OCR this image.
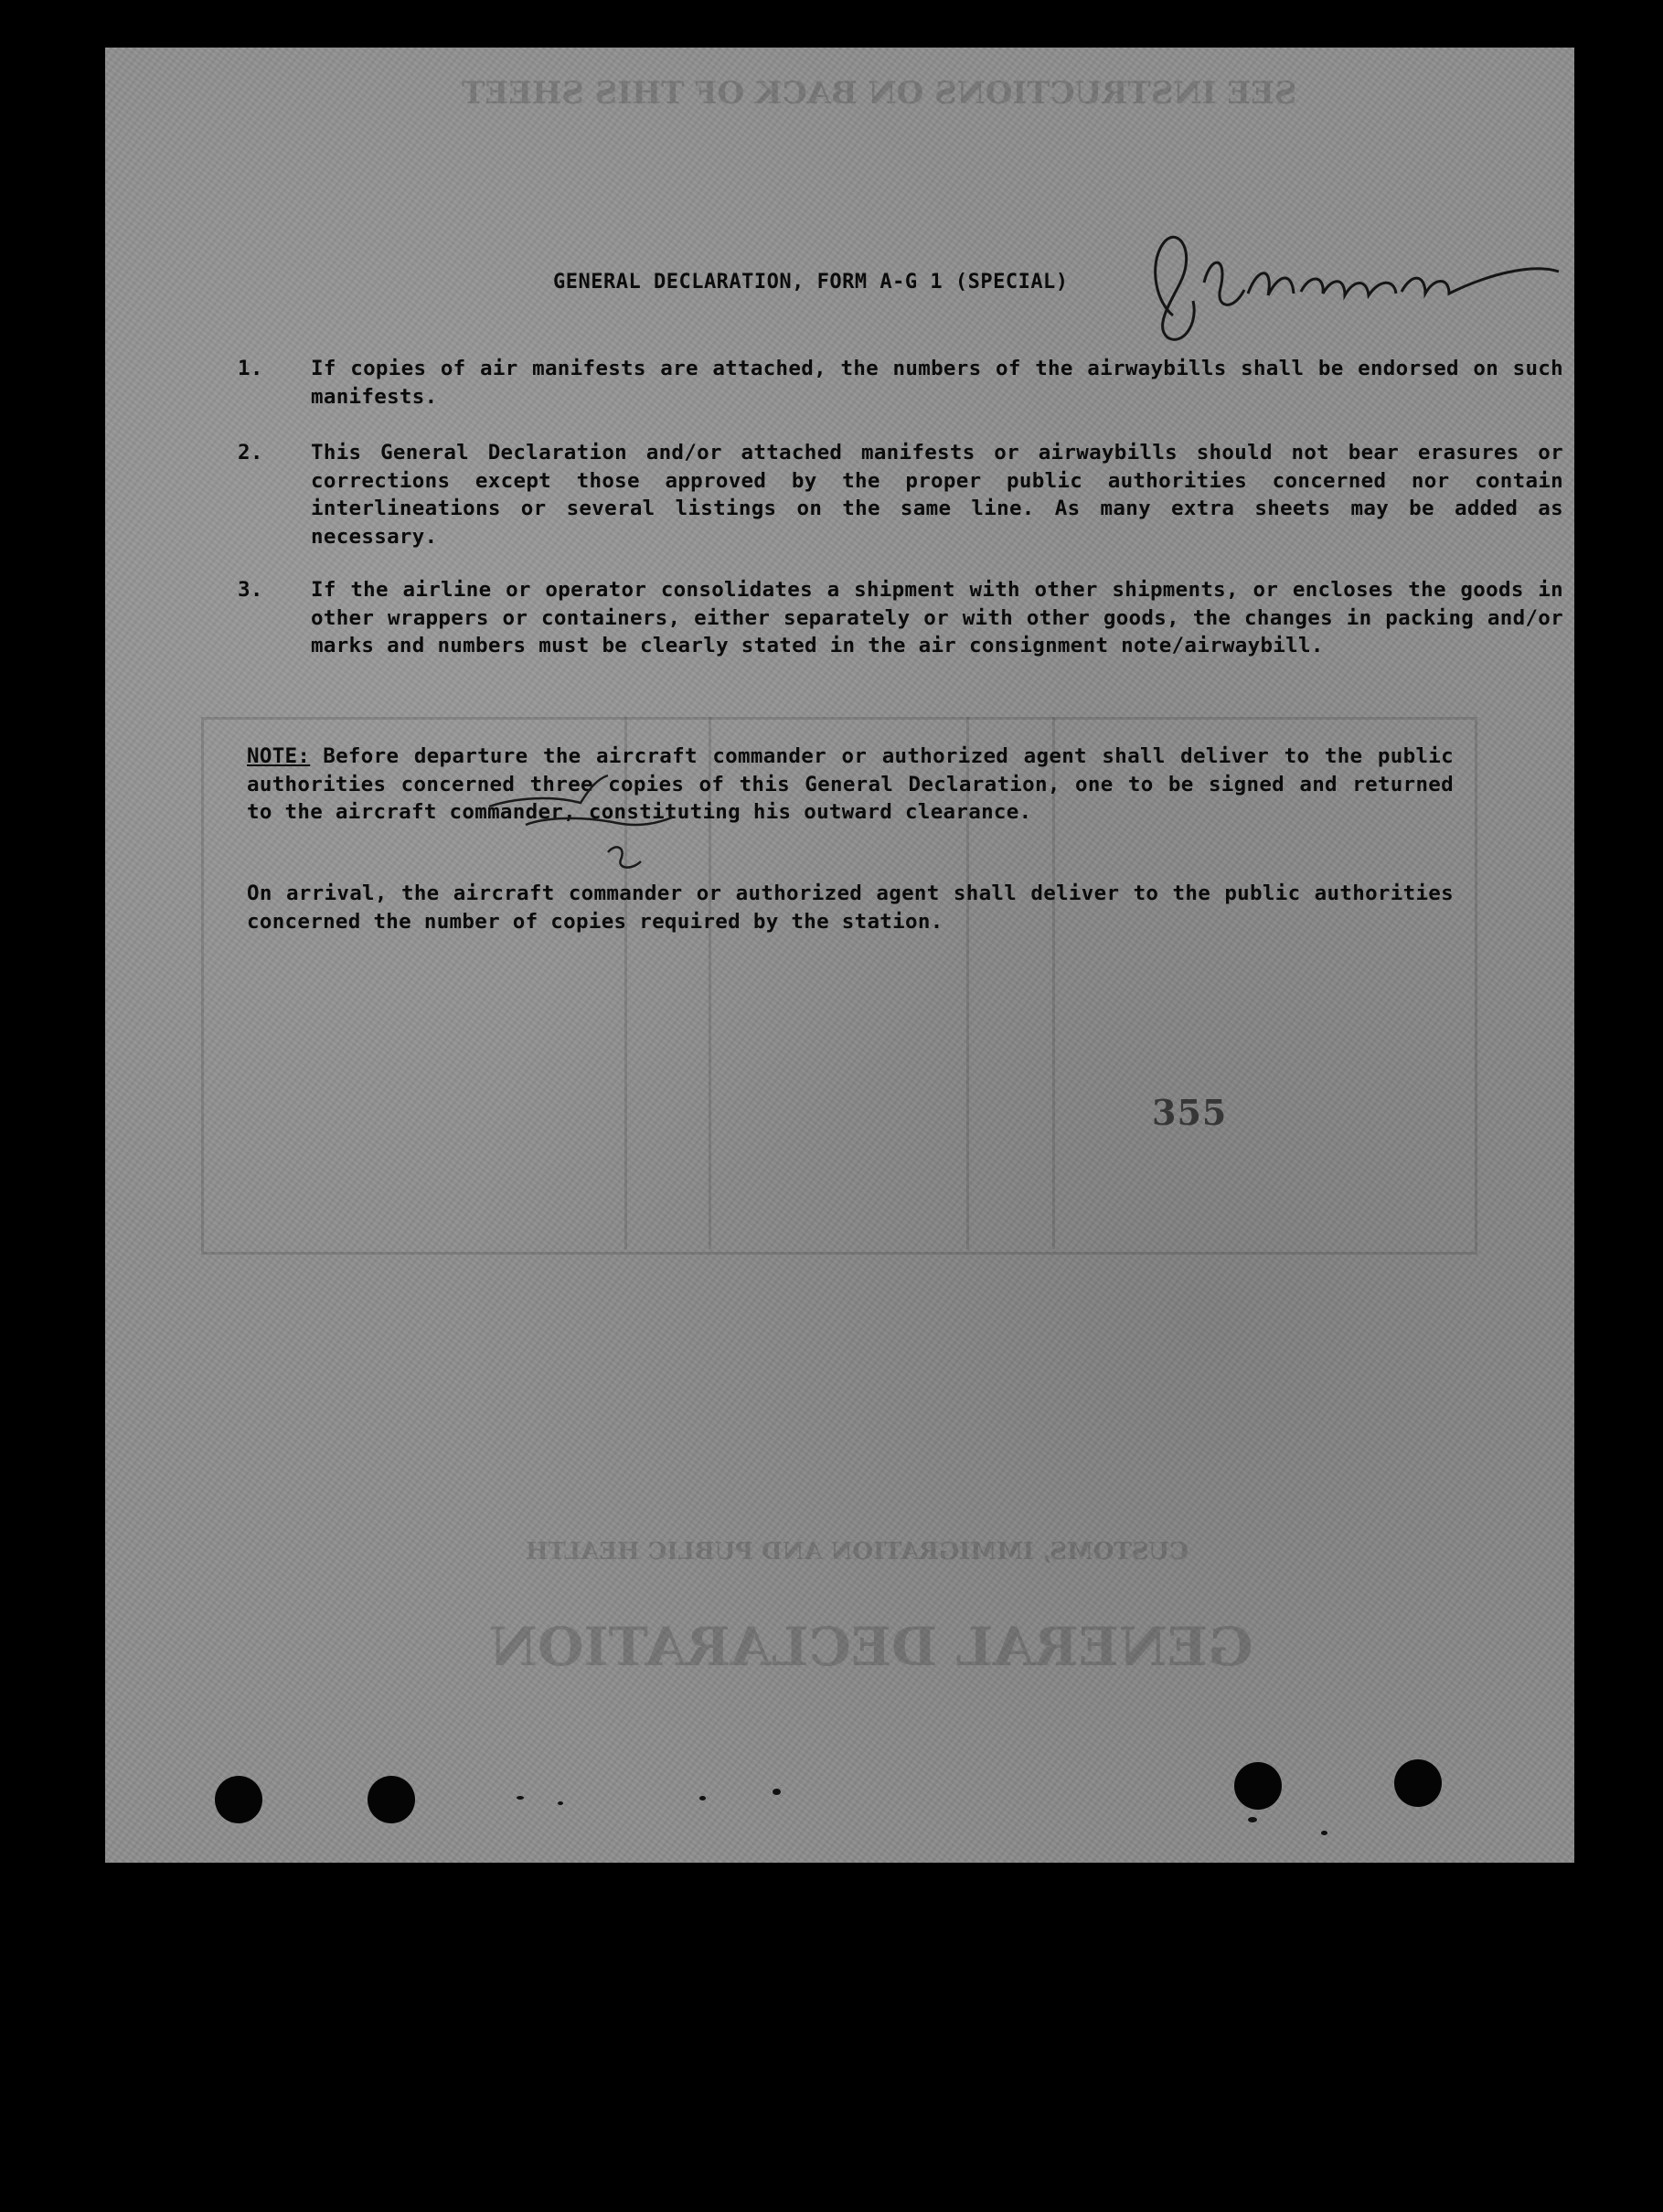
SEE INSTRUCTIONS ON BACK OF THIS SHEET
GENERAL DECLARATION
CUSTOMS, IMMIGRATION AND PUBLIC HEALTH
GENERAL DECLARATION, FORM A-G 1 (SPECIAL)
1. If copies of air manifests are attached, the numbers of the airwaybills shall be endorsed on such manifests.
2. This General Declaration and/or attached manifests or airwaybills should not bear erasures or corrections except those approved by the proper public authorities concerned nor contain interlineations or several listings on the same line. As many extra sheets may be added as necessary.
3. If the airline or operator consolidates a shipment with other shipments, or encloses the goods in other wrappers or containers, either separately or with other goods, the changes in packing and/or marks and numbers must be clearly stated in the air consignment note/airwaybill.
NOTE: Before departure the aircraft commander or authorized agent shall deliver to the public authorities concerned three copies of this General Declaration, one to be signed and returned to the aircraft commander, constituting his outward clearance.
On arrival, the aircraft commander or authorized agent shall deliver to the public authorities concerned the number of copies required by the station.
355
